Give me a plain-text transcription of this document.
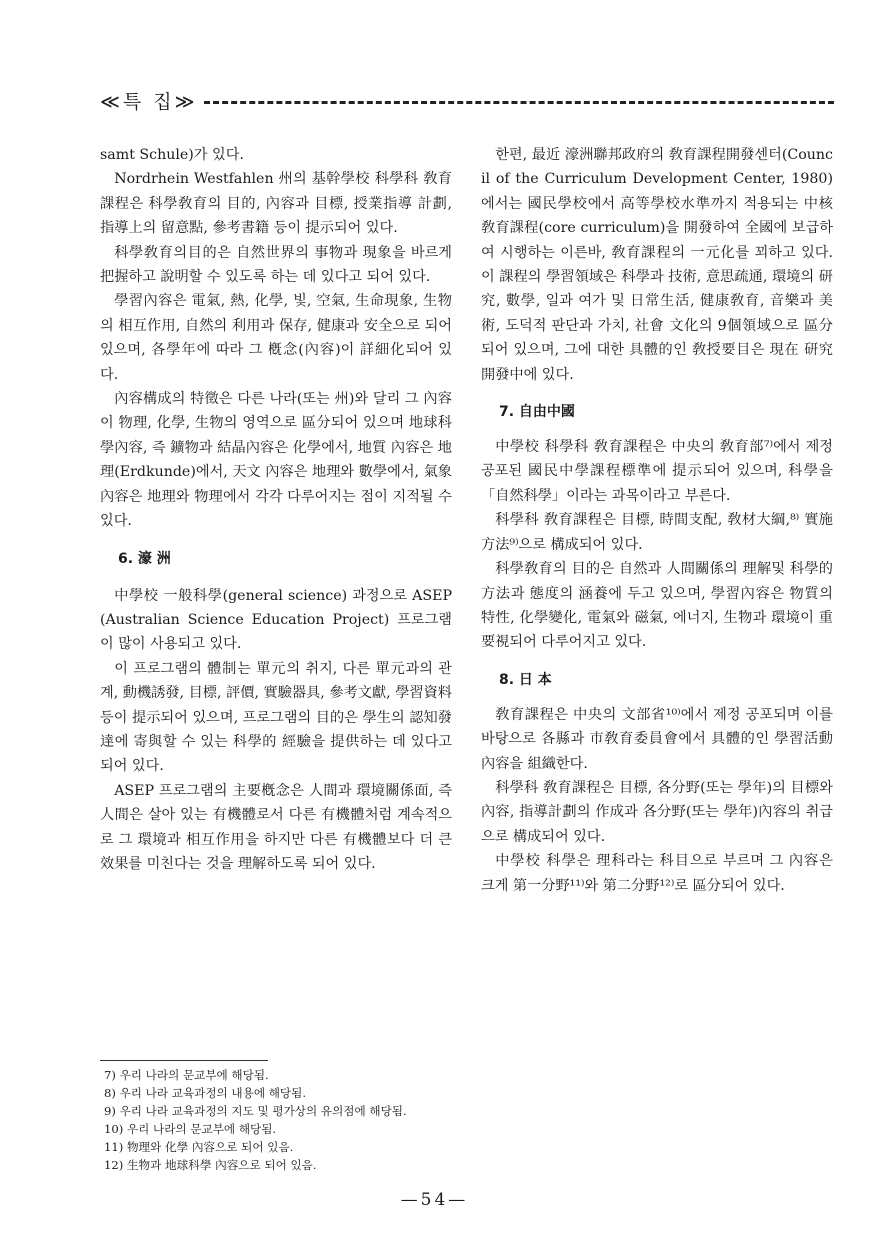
≪특 집≫

samt Schule)가 있다.

Nordrhein Westfahlen 州의 基幹學校 科學科 敎育課程은 科學敎育의 目的, 內容과 目標, 授業指導 計劃, 指導上의 留意點, 參考書籍 등이 提示되어 있다.

科學敎育의目的은 自然世界의 事物과 現象을 바르게 把握하고 說明할 수 있도록 하는 데 있다고 되어 있다.

學習內容은 電氣, 熱, 化學, 빛, 空氣, 生命現象, 生物의 相互作用, 自然의 利用과 保存, 健康과 安全으로 되어 있으며, 各學年에 따라 그 槪念(內容)이 詳細化되어 있다.

內容構成의 特徵은 다른 나라(또는 州)와 달리 그 內容이 物理, 化學, 生物의 영역으로 區分되어 있으며 地球科學內容, 즉 鑛物과 結晶內容은 化學에서, 地質 內容은 地理(Erdkunde)에서, 天文 內容은 地理와 數學에서, 氣象 內容은 地理와 物理에서 각각 다루어지는 점이 지적될 수 있다.

6. 濠 洲

中學校 一般科學(general science) 과정으로 ASEP(Australian Science Education Project) 프로그램이 많이 사용되고 있다.

이 프로그램의 體制는 單元의 취지, 다른 單元과의 관계, 動機誘發, 目標, 評價, 實驗器具, 參考文獻, 學習資料 등이 提示되어 있으며, 프로그램의 目的은 學生의 認知發達에 寄與할 수 있는 科學的 經驗을 提供하는 데 있다고 되어 있다.

ASEP 프로그램의 主要槪念은 人間과 環境關係面, 즉 人間은 살아 있는 有機體로서 다른 有機體처럼 계속적으로 그 環境과 相互作用을 하지만 다른 有機體보다 더 큰 效果를 미친다는 것을 理解하도록 되어 있다.

한편, 最近 濠洲聯邦政府의 敎育課程開發센터(Council of the Curriculum Development Center, 1980)에서는 國民學校에서 高等學校水準까지 적용되는 中核敎育課程(core curriculum)을 開發하여 全國에 보급하여 시행하는 이른바, 敎育課程의 一元化를 꾀하고 있다. 이 課程의 學習領域은 科學과 技術, 意思疏通, 環境의 研究, 數學, 일과 여가 및 日常生活, 健康敎育, 音樂과 美術, 도덕적 판단과 가치, 社會 文化의 9個領域으로 區分되어 있으며, 그에 대한 具體的인 敎授要目은 現在 研究開發中에 있다.

7. 自由中國

中學校 科學科 敎育課程은 中央의 敎育部⁷⁾에서 제정 공포된 國民中學課程標準에 提示되어 있으며, 科學을 「自然科學」이라는 과목이라고 부른다.

科學科 敎育課程은 目標, 時間支配, 敎材大綱,⁸⁾ 實施方法⁹⁾으로 構成되어 있다.

科學敎育의 目的은 自然과 人間關係의 理解및 科學的 方法과 態度의 涵養에 두고 있으며, 學習內容은 物質의 特性, 化學變化, 電氣와 磁氣, 에너지, 生物과 環境이 重要視되어 다루어지고 있다.

8. 日 本

敎育課程은 中央의 文部省¹⁰⁾에서 제정 공포되며 이를 바탕으로 各縣과 市敎育委員會에서 具體的인 學習活動 內容을 組織한다.

科學科 敎育課程은 目標, 各分野(또는 學年)의 目標와 內容, 指導計劃의 作成과 各分野(또는 學年)內容의 취급으로 構成되어 있다.

中學校 科學은 理科라는 科目으로 부르며 그 內容은 크게 第一分野¹¹⁾와 第二分野¹²⁾로 區分되어 있다.

7) 우리 나라의 문교부에 해당됨.
8) 우리 나라 교육과정의 내용에 해당됨.
9) 우리 나라 교육과정의 지도 및 평가상의 유의점에 해당됨.
10) 우리 나라의 문교부에 해당됨.
11) 物理와 化學 內容으로 되어 있음.
12) 生物과 地球科學 內容으로 되어 있음.
—54—
